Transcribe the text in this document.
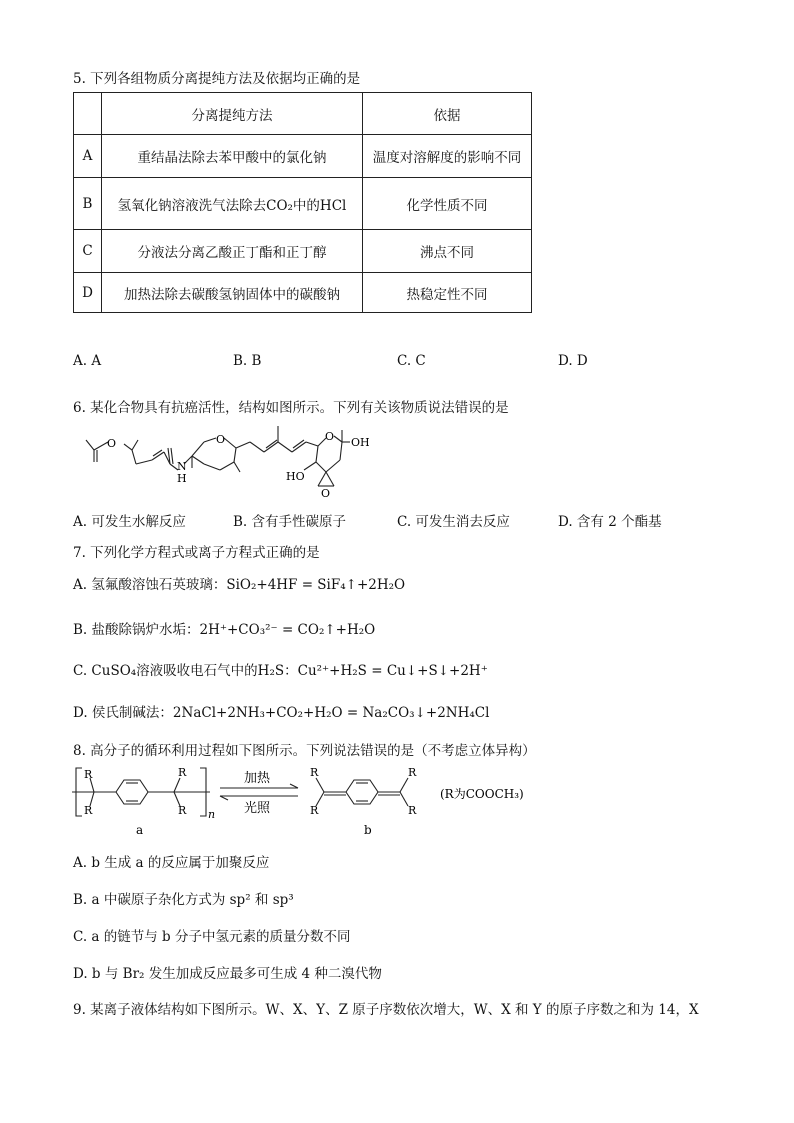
5. 下列各组物质分离提纯方法及依据均正确的是
	分离提纯方法	依据
A	重结晶法除去苯甲酸中的氯化钠	温度对溶解度的影响不同
B	氢氧化钠溶液洗气法除去CO₂中的HCl	化学性质不同
C	分液法分离乙酸正丁酯和正丁醇	沸点不同
D	加热法除去碳酸氢钠固体中的碳酸钠	热稳定性不同
A. A	B. B	C. C	D. D
6. 某化合物具有抗癌活性，结构如图所示。下列有关该物质说法错误的是
O
N
H
O	O OH
HO
O
A. 可发生水解反应	B. 含有手性碳原子	C. 可发生消去反应	D. 含有 2 个酯基
7. 下列化学方程式或离子方程式正确的是
A. 氢氟酸溶蚀石英玻璃：SiO₂+4HF = SiF₄↑+2H₂O
B. 盐酸除锅炉水垢：2H⁺+CO₃²⁻ = CO₂↑+H₂O
C. CuSO₄溶液吸收电石气中的H₂S：Cu²⁺+H₂S = Cu↓+S↓+2H⁺
D. 侯氏制碱法：2NaCl+2NH₃+CO₂+H₂O = Na₂CO₃↓+2NH₄Cl
8. 高分子的循环利用过程如下图所示。下列说法错误的是（不考虑立体异构）
R
R
R
R n
加热
光照
R
R
R
R
(R为COOCH₃)
a	b
A. b 生成 a 的反应属于加聚反应
B. a 中碳原子杂化方式为 sp² 和 sp³
C. a 的链节与 b 分子中氢元素的质量分数不同
D. b 与 Br₂ 发生加成反应最多可生成 4 种二溴代物
9. 某离子液体结构如下图所示。W、X、Y、Z 原子序数依次增大，W、X 和 Y 的原子序数之和为 14，X
